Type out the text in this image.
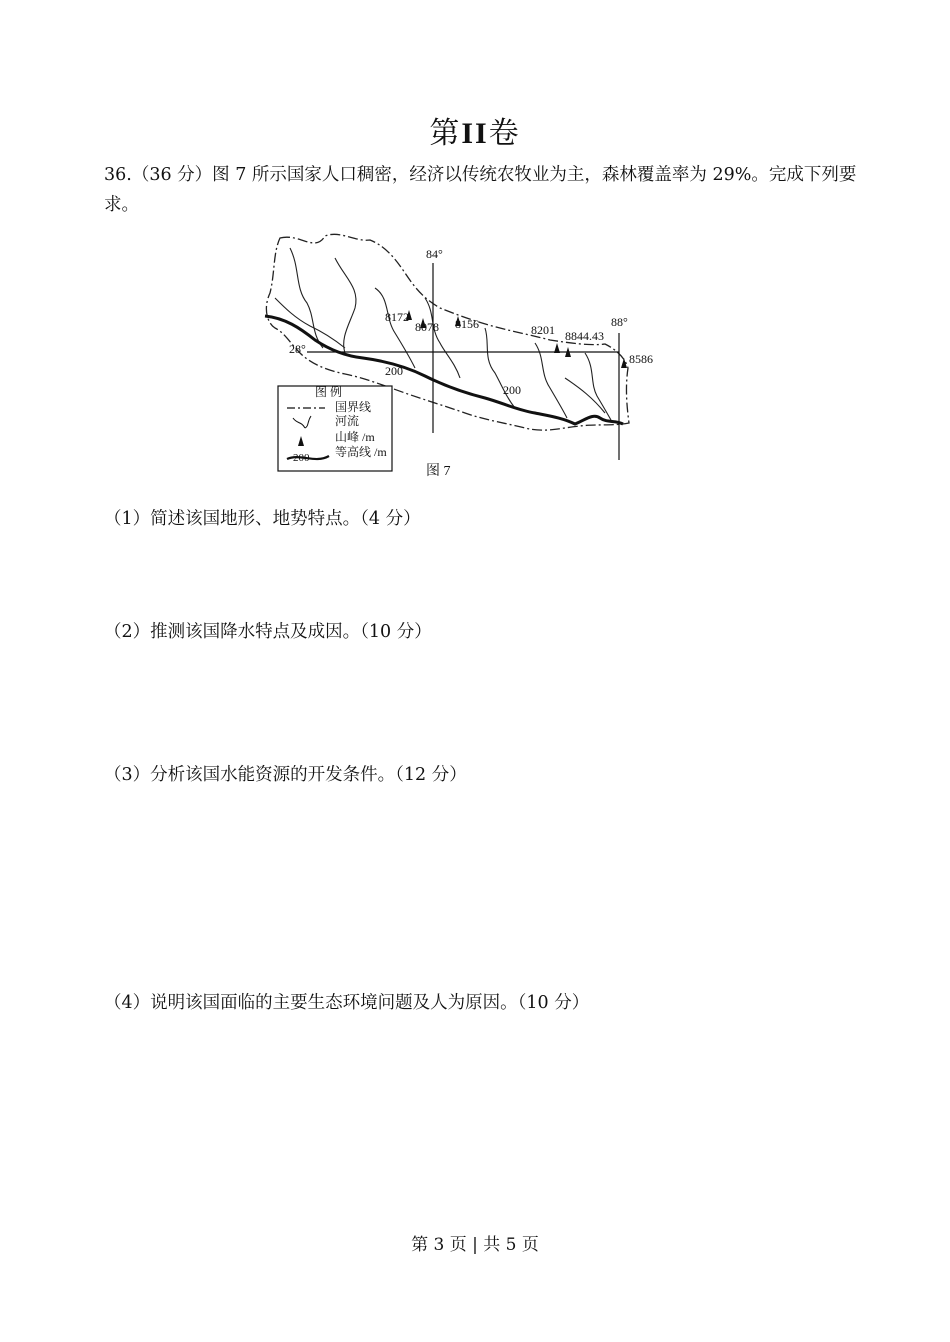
第II卷
36.（36 分）图 7 所示国家人口稠密，经济以传统农牧业为主，森林覆盖率为 29%。完成下列要求。
84°
88°
28°
8172
8078 8156	8201 8844.43
8586
200
200
图 例
国界线
河流
山峰 /m
200 等高线 /m
图 7
（1）简述该国地形、地势特点。（4 分）
（2）推测该国降水特点及成因。（10 分）
（3）分析该国水能资源的开发条件。（12 分）
（4）说明该国面临的主要生态环境问题及人为原因。（10 分）
第 3 页 | 共 5 页
